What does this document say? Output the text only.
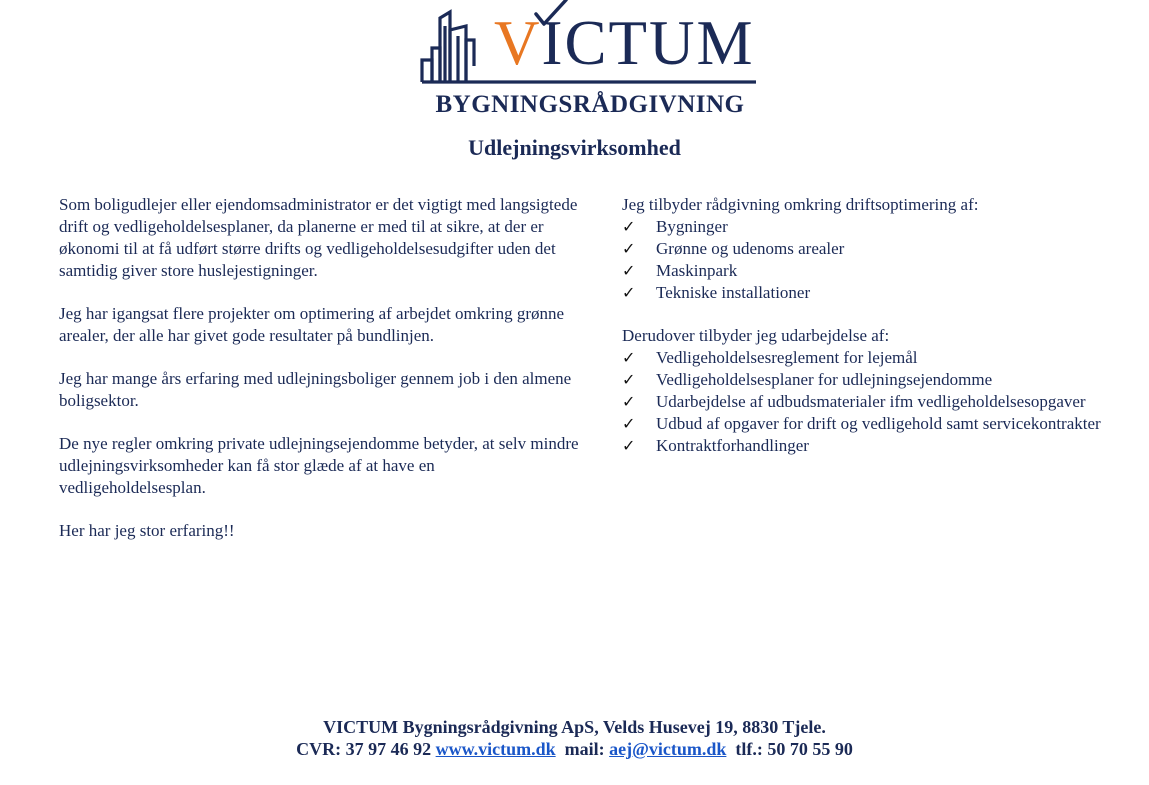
VICTUM
BYGNINGSRÅDGIVNING
Udlejningsvirksomhed

Som boligudlejer eller ejendomsadministrator er det vigtigt med langsigtede drift og vedligeholdelsesplaner, da planerne er med til at sikre, at der er økonomi til at få udført større drifts og vedligeholdelsesudgifter uden det samtidig giver store huslejestigninger.

Jeg har igangsat flere projekter om optimering af arbejdet omkring grønne arealer, der alle har givet gode resultater på bundlinjen.

Jeg har mange års erfaring med udlejningsboliger gennem job i den almene boligsektor.

De nye regler omkring private udlejningsejendomme betyder, at selv mindre udlejningsvirksomheder kan få stor glæde af at have en vedligeholdelsesplan.

Her har jeg stor erfaring!!

Jeg tilbyder rådgivning omkring driftsoptimering af:

✓ Bygninger
✓ Grønne og udenoms arealer
✓ Maskinpark
✓ Tekniske installationer

Derudover tilbyder jeg udarbejdelse af:

✓ Vedligeholdelsesreglement for lejemål
✓ Vedligeholdelsesplaner for udlejningsejendomme
✓ Udarbejdelse af udbudsmaterialer ifm vedligeholdelsesopgaver
✓ Udbud af opgaver for drift og vedligehold samt servicekontrakter
✓ Kontraktforhandlinger
VICTUM Bygningsrådgivning ApS, Velds Husevej 19, 8830 Tjele.
CVR: 37 97 46 92 www.victum.dk mail: aej@victum.dk tlf.: 50 70 55 90
